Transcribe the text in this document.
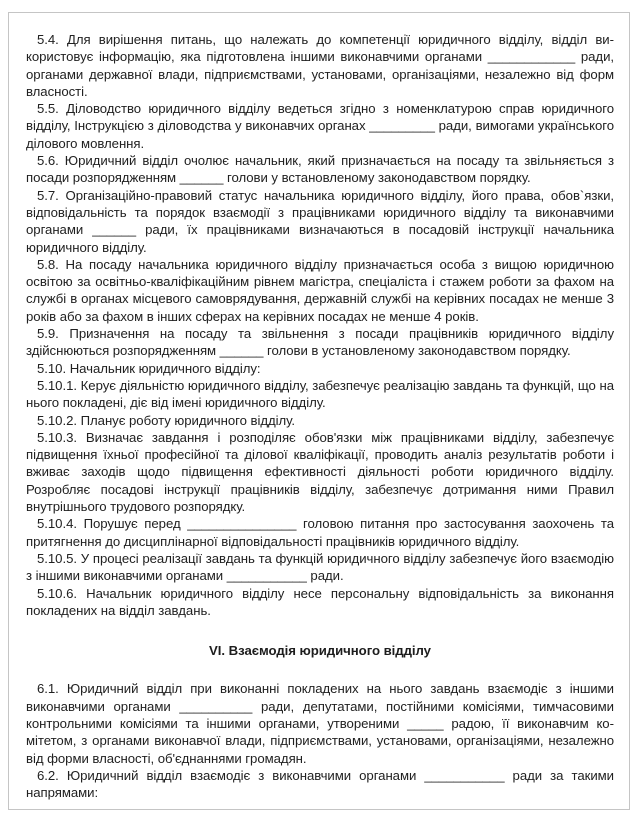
5.4. Для вирішення питань, що належать до компетенції юридичного відділу, відділ використовує інформацію, яка підготовлена іншими виконавчими органами ____________ ради, органами державної влади, підприємствами, установами, організаціями, незалежно від форм власності.

5.5. Діловодство юридичного відділу ведеться згідно з номенклатурою справ юридичного відділу, Інструкцією з діловодства у виконавчих органах _________ ради, вимогами українського ділового мовлення.

5.6. Юридичний відділ очолює начальник, який призначається на посаду та звільняється з посади розпорядженням ______ голови у встановленому законодавством порядку.

5.7. Організаційно-правовий статус начальника юридичного відділу, його права, обов`язки, відповідальність та порядок взаємодії з працівниками юридичного відділу та виконавчими органами ______ ради, їх працівниками визначаються в посадовій інструкції начальника юридичного відділу.

5.8. На посаду начальника юридичного відділу призначається особа з вищою юридичною освітою за освітньо-кваліфікаційним рівнем магістра, спеціаліста і стажем роботи за фахом на службі в органах місцевого самоврядування, державній службі на керівних посадах не менше 3 років або за фахом в інших сферах на керівних посадах не менше 4 років.

5.9. Призначення на посаду та звільнення з посади працівників юридичного відділу здійснюються розпорядженням ______ голови в установленому законодавством порядку.

5.10. Начальник юридичного відділу:

5.10.1. Керує діяльністю юридичного відділу, забезпечує реалізацію завдань та функцій, що на нього покладені, діє від імені юридичного відділу.

5.10.2. Планує роботу юридичного відділу.

5.10.3. Визначає завдання і розподіляє обов'язки між працівниками відділу, забезпечує підвищення їхньої професійної та ділової кваліфікації, проводить аналіз результатів роботи і вживає заходів щодо підвищення ефективності діяльності роботи юридичного відділу. Розробляє посадові інструкції працівників відділу, забезпечує дотримання ними Правил внутрішнього трудового розпорядку.

5.10.4. Порушує перед _______________ головою питання про застосування заохочень та притягнення до дисциплінарної відповідальності працівників юридичного відділу.

5.10.5. У процесі реалізації завдань та функцій юридичного відділу забезпечує його взаємодію з іншими виконавчими органами ___________ ради.

5.10.6. Начальник юридичного відділу несе персональну відповідальність за виконання покладених на відділ завдань.

VI. Взаємодія юридичного відділу

6.1. Юридичний відділ при виконанні покладених на нього завдань взаємодіє з іншими виконавчими органами __________ ради, депутатами, постійними комісіями, тимчасовими контрольними комісіями та іншими органами, утвореними _____ радою, її виконавчим комітетом, з органами виконавчої влади, підприємствами, установами, організаціями, незалежно від форми власності, об'єднаннями громадян.

6.2. Юридичний відділ взаємодіє з виконавчими органами ___________ ради за такими напрямами:
